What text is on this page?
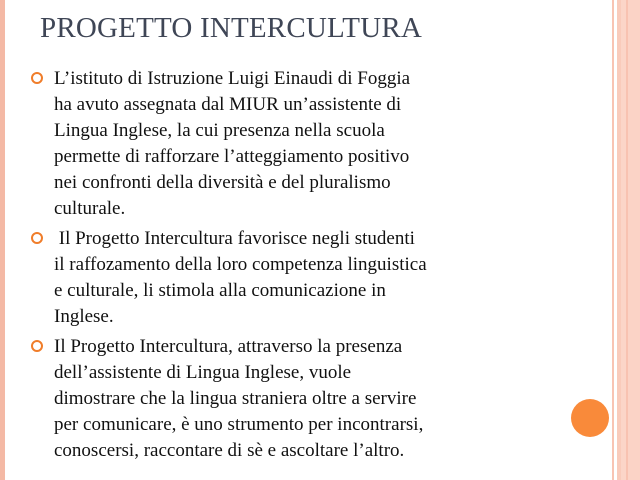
PROGETTO INTERCULTURA
L’istituto di Istruzione Luigi Einaudi di Foggia
ha avuto assegnata dal MIUR un’assistente di
Lingua Inglese, la cui presenza nella scuola
permette di rafforzare l’atteggiamento positivo
nei confronti della diversità e del pluralismo
culturale.
Il Progetto Intercultura favorisce negli studenti
il raffozamento della loro competenza linguistica
e culturale, li stimola alla comunicazione in
Inglese.
Il Progetto Intercultura, attraverso la presenza
dell’assistente di Lingua Inglese, vuole
dimostrare che la lingua straniera oltre a servire
per comunicare, è uno strumento per incontrarsi,
conoscersi, raccontare di sè e ascoltare l’altro.
